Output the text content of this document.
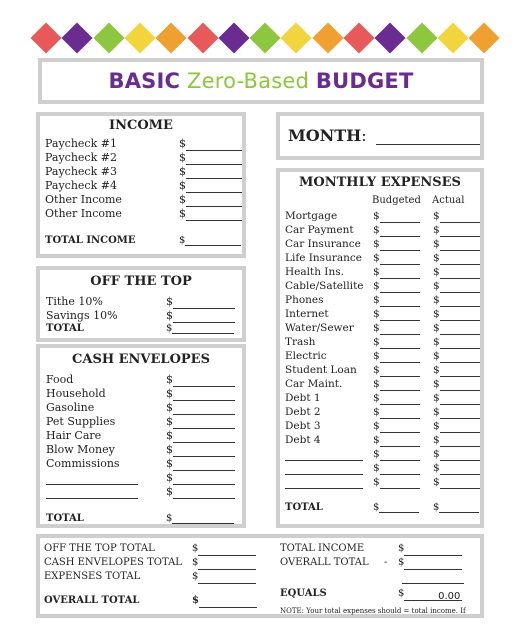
BASIC Zero-Based BUDGET
INCOME
Paycheck #1	$
Paycheck #2	$
Paycheck #3	$
Paycheck #4	$
Other Income	$
Other Income	$
TOTAL INCOME	$
OFF THE TOP
Tithe 10%	$
Savings 10%	$
TOTAL	$
CASH ENVELOPES
Food	$
Household	$
Gasoline	$
Pet Supplies	$
Hair Care	$
Blow Money	$
Commissions	$
$
$
TOTAL	$
MONTH:
MONTHLY EXPENSES
Budgeted Actual
Mortgage	$	$
Car Payment $	$
Car Insurance $	$
Life Insurance $	$
Health Ins.	$	$
Cable/Satellite $	$
Phones	$	$
Internet	$	$
Water/Sewer $	$
Trash	$	$
Electric	$	$
Student Loan $	$
Car Maint.	$	$
Debt 1	$	$
Debt 2	$	$
Debt 3	$	$
Debt 4	$	$
$	$
$	$
$	$
TOTAL	$	$
OFF THE TOP TOTAL	$
CASH ENVELOPES TOTAL $
EXPENSES TOTAL	$
OVERALL TOTAL	$
TOTAL INCOME	$
OVERALL TOTAL - $
EQUALS	$	0.00
NOTE: Your total expenses should = total income. If
